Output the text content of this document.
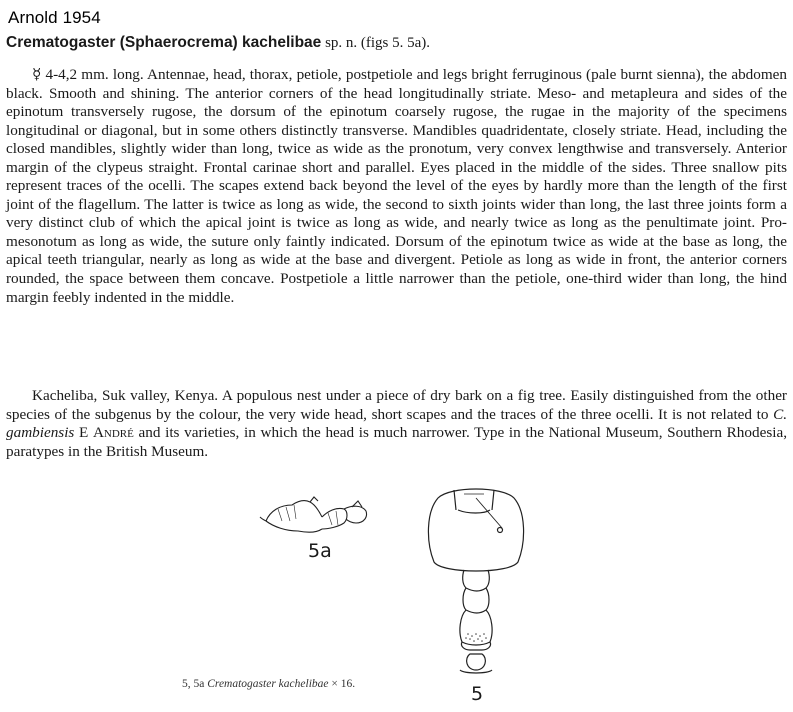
Arnold 1954
Crematogaster (Sphaerocrema) kachelibae sp. n. (figs 5. 5a).
☿ 4-4,2 mm. long. Antennae, head, thorax, petiole, postpetiole and legs bright ferruginous (pale burnt sienna), the abdomen black. Smooth and shining. The anterior corners of the head longitudinally striate. Meso- and metapleura and sides of the epinotum transversely rugose, the dorsum of the epinotum coarsely rugose, the rugae in the majority of the specimens longitudinal or diagonal, but in some others distinctly transverse. Mandibles quadridentate, closely striate. Head, including the closed mandibles, slightly wider than long, twice as wide as the pronotum, very convex lengthwise and transversely. Anterior margin of the clypeus straight. Frontal carinae short and parallel. Eyes placed in the middle of the sides. Three snallow pits represent traces of the ocelli. The scapes extend back beyond the level of the eyes by hardly more than the length of the first joint of the flagellum. The latter is twice as long as wide, the second to sixth joints wider than long, the last three joints form a very distinct club of which the apical joint is twice as long as wide, and nearly twice as long as the penultimate joint. Pro-mesonotum as long as wide, the suture only faintly indicated. Dorsum of the epinotum twice as wide at the base as long, the apical teeth triangular, nearly as long as wide at the base and divergent. Petiole as long as wide in front, the anterior corners rounded, the space between them concave. Postpetiole a little narrower than the petiole, one-third wider than long, the hind margin feebly indented in the middle.
Kacheliba, Suk valley, Kenya. A populous nest under a piece of dry bark on a fig tree. Easily distinguished from the other species of the subgenus by the colour, the very wide head, short scapes and the traces of the three ocelli. It is not related to C. gambiensis E André and its varieties, in which the head is much narrower. Type in the National Museum, Southern Rhodesia, paratypes in the British Museum.
5a
5
5, 5a Crematogaster kachelibae × 16.
